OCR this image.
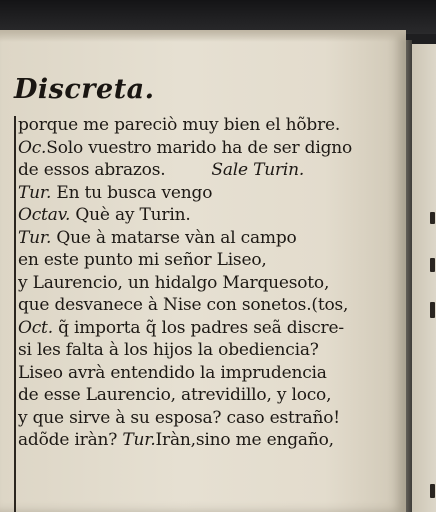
Discreta.
porque me pareciò muy bien el hõbre.
Oc.Solo vuestro marido ha de ser digno
de essos abrazos.	Sale Turin.
Tur. En tu busca vengo
Octav. Què ay Turin.
Tur. Que à matarse vàn al campo
en este punto mi señor Liseo,
y Laurencio, un hidalgo Marquesoto,
que desvanece à Nise con sonetos.(tos,
Oct. q̃ importa q̃ los padres seã discre-
si les falta à los hijos la obediencia?
Liseo avrà entendido la imprudencia
de esse Laurencio, atrevidillo, y loco,
y que sirve à su esposa? caso estraño!
adõde iràn? Tur.Iràn,sino me engaño,
